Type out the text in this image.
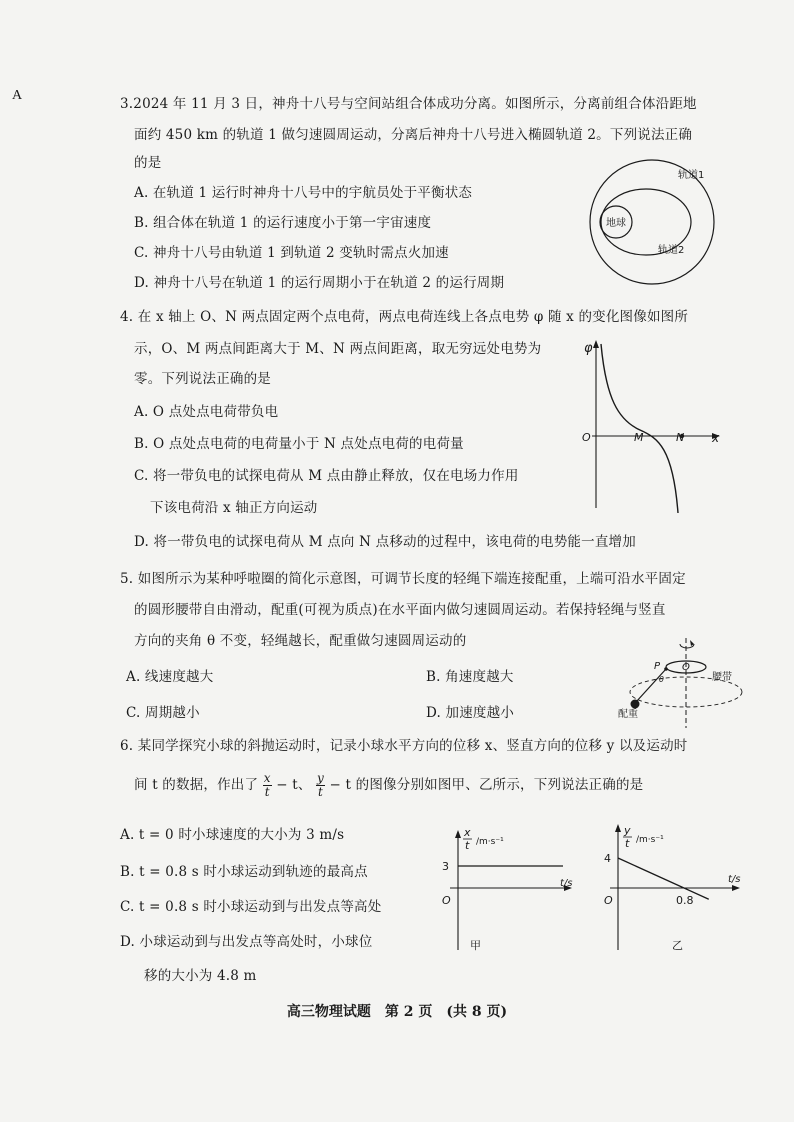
A
3.2024 年 11 月 3 日，神舟十八号与空间站组合体成功分离。如图所示，分离前组合体沿距地
面约 450 km 的轨道 1 做匀速圆周运动，分离后神舟十八号进入椭圆轨道 2。下列说法正确
的是
A. 在轨道 1 运行时神舟十八号中的宇航员处于平衡状态
B. 组合体在轨道 1 的运行速度小于第一宇宙速度
C. 神舟十八号由轨道 1 到轨道 2 变轨时需点火加速
D. 神舟十八号在轨道 1 的运行周期小于在轨道 2 的运行周期
地球
轨道1
轨道2
4. 在 x 轴上 O、N 两点固定两个点电荷，两点电荷连线上各点电势 φ 随 x 的变化图像如图所
示，O、M 两点间距离大于 M、N 两点间距离，取无穷远处电势为
零。下列说法正确的是
A. O 点处点电荷带负电
B. O 点处点电荷的电荷量小于 N 点处点电荷的电荷量
C. 将一带负电的试探电荷从 M 点由静止释放，仅在电场力作用
下该电荷沿 x 轴正方向运动
D. 将一带负电的试探电荷从 M 点向 N 点移动的过程中，该电荷的电势能一直增加
φ
O	M	N x
5. 如图所示为某种呼啦圈的简化示意图，可调节长度的轻绳下端连接配重，上端可沿水平固定
的圆形腰带自由滑动，配重(可视为质点)在水平面内做匀速圆周运动。若保持轻绳与竖直
方向的夹角 θ 不变，轻绳越长，配重做匀速圆周运动的
A. 线速度越大	B. 角速度越大
C. 周期越小	D. 加速度越小
P
θ
O
腰带
配重
6. 某同学探究小球的斜抛运动时，记录小球水平方向的位移 x、竖直方向的位移 y 以及运动时
间 t 的数据，作出了 $\frac{x}{t} - t$、 $\frac{y}{t} - t$ 的图像分别如图甲、乙所示，下列说法正确的是
A. t = 0 时小球速度的大小为 3 m/s
B. t = 0.8 s 时小球运动到轨迹的最高点
C. t = 0.8 s 时小球运动到与出发点等高处
D. 小球运动到与出发点等高处时，小球位
移的大小为 4.8 m
3
x
t /m·s⁻¹
t/s
O
甲
4
0.8
y
t /m·s⁻¹
t/s
O
乙
高三物理试题　第 2 页　(共 8 页)
